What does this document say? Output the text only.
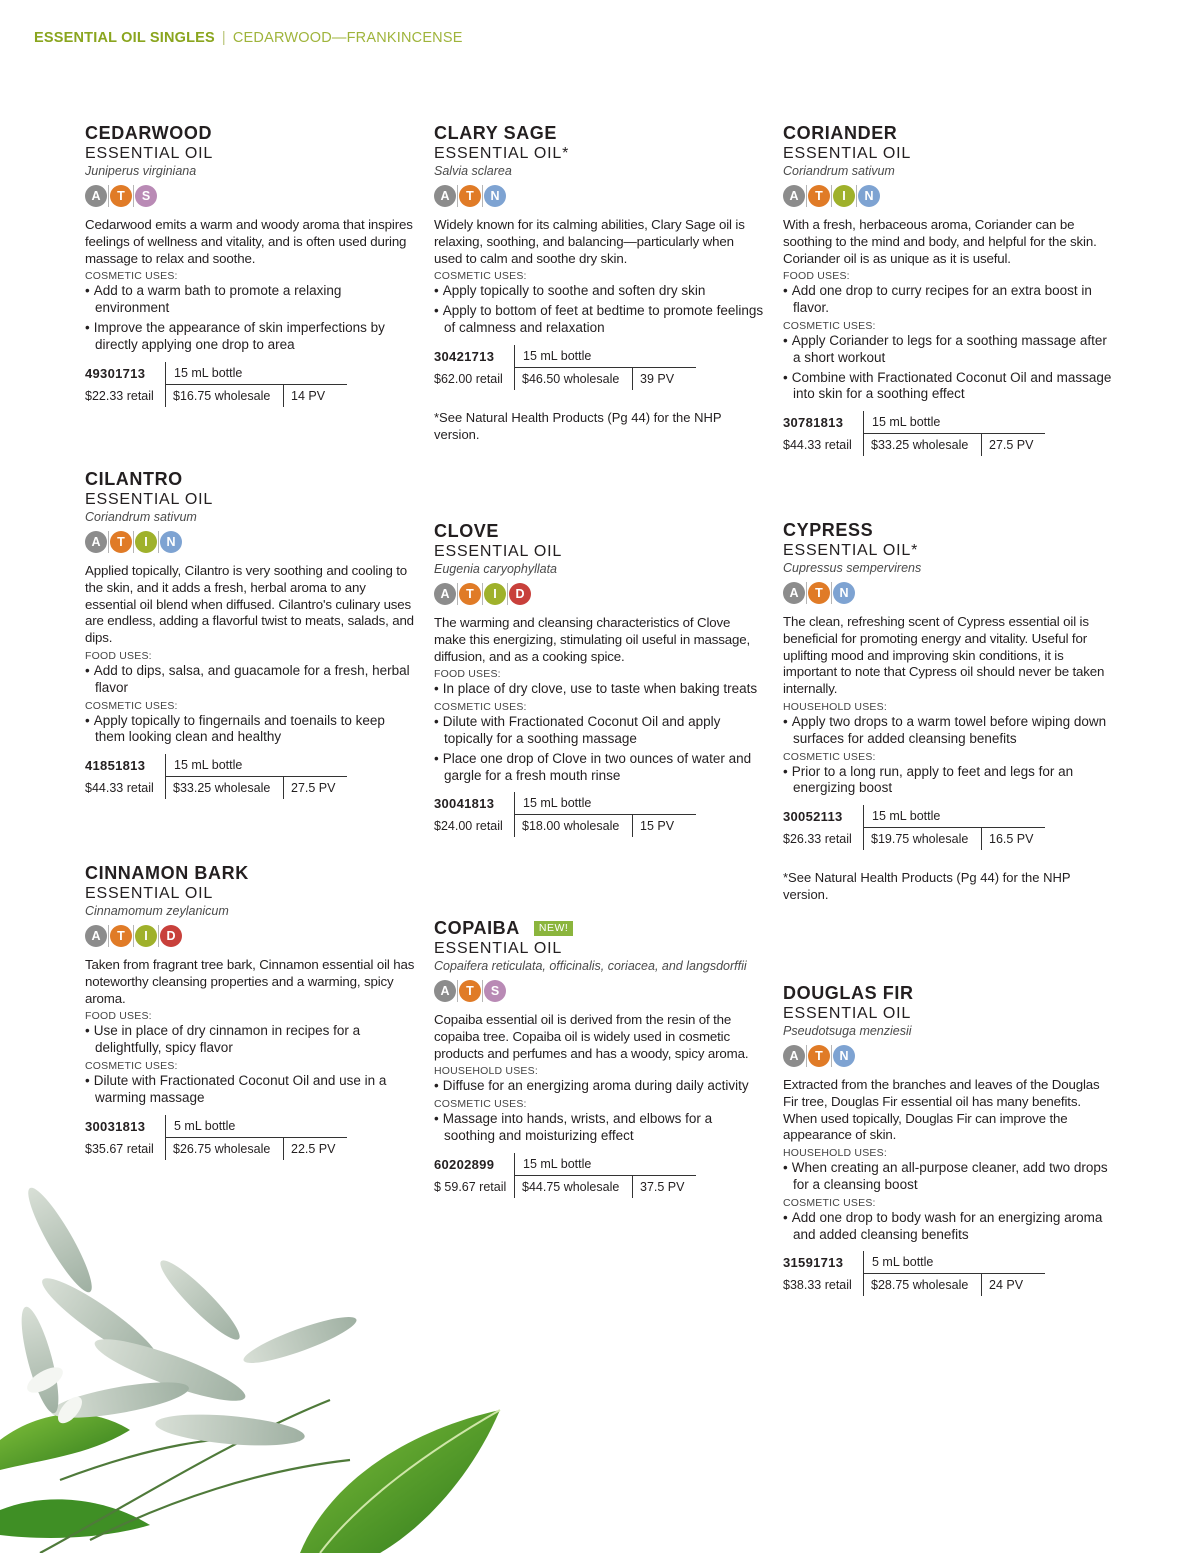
ESSENTIAL OIL SINGLES | CEDARWOOD—FRANKINCENSE
CEDARWOOD
ESSENTIAL OIL
Juniperus virginiana
A	T	S
Cedarwood emits a warm and woody aroma that inspires feelings of wellness and vitality, and is often used during massage to relax and soothe.
COSMETIC USES:
• Add to a warm bath to promote a relaxing environment
• Improve the appearance of skin imperfections by directly applying one drop to area
49301713	15 mL bottle
$22.33 retail	$16.75 wholesale	14 PV
CILANTRO
ESSENTIAL OIL
Coriandrum sativum
A	T	I	N
Applied topically, Cilantro is very soothing and cooling to the skin, and it adds a fresh, herbal aroma to any essential oil blend when diffused. Cilantro's culinary uses are endless, adding a flavorful twist to meats, salads, and dips.
FOOD USES:
• Add to dips, salsa, and guacamole for a fresh, herbal flavor
COSMETIC USES:
• Apply topically to fingernails and toenails to keep them looking clean and healthy
41851813	15 mL bottle
$44.33 retail	$33.25 wholesale	27.5 PV
CINNAMON BARK
ESSENTIAL OIL
Cinnamomum zeylanicum
A	T	I	D
Taken from fragrant tree bark, Cinnamon essential oil has noteworthy cleansing properties and a warming, spicy aroma.
FOOD USES:
• Use in place of dry cinnamon in recipes for a delightfully, spicy flavor
COSMETIC USES:
• Dilute with Fractionated Coconut Oil and use in a warming massage
30031813	5 mL bottle
$35.67 retail	$26.75 wholesale	22.5 PV
CLARY SAGE
ESSENTIAL OIL*
Salvia sclarea
A	T	N
Widely known for its calming abilities, Clary Sage oil is relaxing, soothing, and balancing—particularly when used to calm and soothe dry skin.
COSMETIC USES:
• Apply topically to soothe and soften dry skin
• Apply to bottom of feet at bedtime to promote feelings of calmness and relaxation
30421713	15 mL bottle
$62.00 retail	$46.50 wholesale	39 PV
*See Natural Health Products (Pg 44) for the NHP version.
CLOVE
ESSENTIAL OIL
Eugenia caryophyllata
A	T	I	D
The warming and cleansing characteristics of Clove make this energizing, stimulating oil useful in massage, diffusion, and as a cooking spice.
FOOD USES:
• In place of dry clove, use to taste when baking treats
COSMETIC USES:
• Dilute with Fractionated Coconut Oil and apply topically for a soothing massage
• Place one drop of Clove in two ounces of water and gargle for a fresh mouth rinse
30041813	15 mL bottle
$24.00 retail	$18.00 wholesale	15 PV
COPAIBA	NEW!
ESSENTIAL OIL
Copaifera reticulata, officinalis, coriacea, and langsdorffii
A	T	S
Copaiba essential oil is derived from the resin of the copaiba tree. Copaiba oil is widely used in cosmetic products and perfumes and has a woody, spicy aroma.
HOUSEHOLD USES:
• Diffuse for an energizing aroma during daily activity
COSMETIC USES:
• Massage into hands, wrists, and elbows for a soothing and moisturizing effect
60202899	15 mL bottle
$ 59.67 retail	$44.75 wholesale	37.5 PV
CORIANDER
ESSENTIAL OIL
Coriandrum sativum
A	T	I	N
With a fresh, herbaceous aroma, Coriander can be soothing to the mind and body, and helpful for the skin. Coriander oil is as unique as it is useful.
FOOD USES:
• Add one drop to curry recipes for an extra boost in flavor.
COSMETIC USES:
• Apply Coriander to legs for a soothing massage after a short workout
• Combine with Fractionated Coconut Oil and massage into skin for a soothing effect
30781813	15 mL bottle
$44.33 retail	$33.25 wholesale	27.5 PV
CYPRESS
ESSENTIAL OIL*
Cupressus sempervirens
A	T	N
The clean, refreshing scent of Cypress essential oil is beneficial for promoting energy and vitality. Useful for uplifting mood and improving skin conditions, it is important to note that Cypress oil should never be taken internally.
HOUSEHOLD USES:
• Apply two drops to a warm towel before wiping down surfaces for added cleansing benefits
COSMETIC USES:
• Prior to a long run, apply to feet and legs for an energizing boost
30052113	15 mL bottle
$26.33 retail	$19.75 wholesale	16.5 PV
*See Natural Health Products (Pg 44) for the NHP version.
DOUGLAS FIR
ESSENTIAL OIL
Pseudotsuga menziesii
A	T	N
Extracted from the branches and leaves of the Douglas Fir tree, Douglas Fir essential oil has many benefits. When used topically, Douglas Fir can improve the appearance of skin.
HOUSEHOLD USES:
• When creating an all-purpose cleaner, add two drops for a cleansing boost
COSMETIC USES:
• Add one drop to body wash for an energizing aroma and added cleansing benefits
31591713	5 mL bottle
$38.33 retail	$28.75 wholesale	24 PV
